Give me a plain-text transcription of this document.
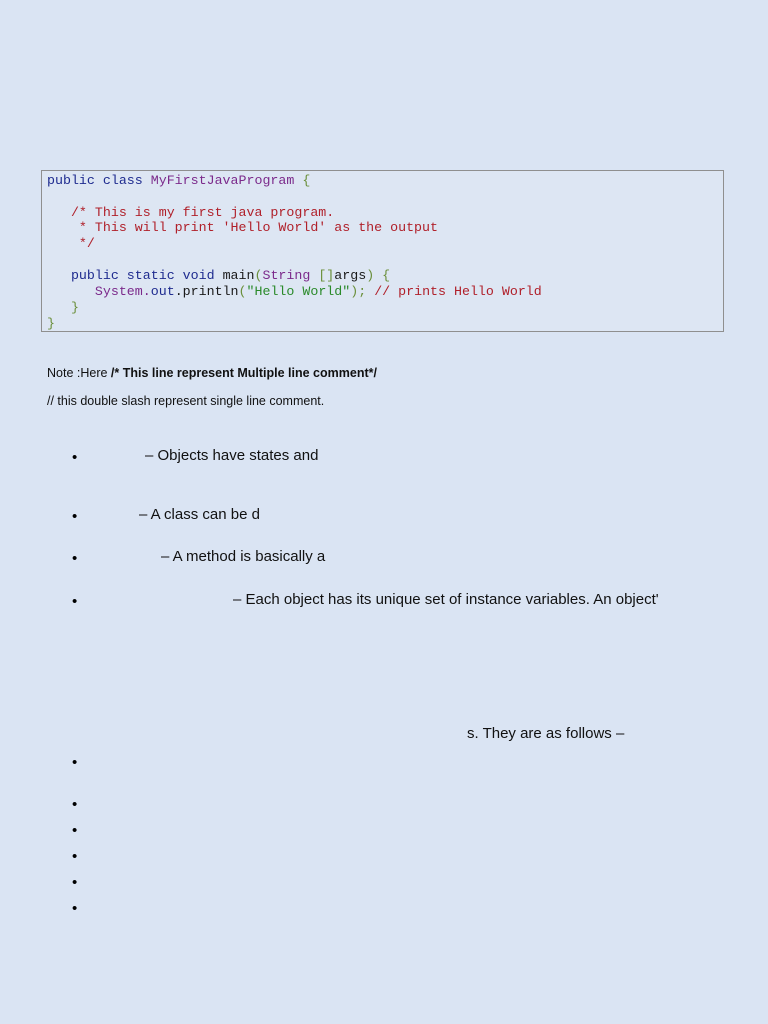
public class MyFirstJavaProgram {
/* This is my first java program.
* This will print 'Hello World' as the output
*/
public static void main(String []args) {
System.out.println("Hello World"); // prints Hello World
}
}
Note :Here /* This line represent Multiple line comment*/
// this double slash represent single line comment.
•	– Objects have states and
•	– A class can be d
•	– A method is basically a
•	– Each object has its unique set of instance variables. An object'
s. They are as follows –
•
•
•
•
•
•
